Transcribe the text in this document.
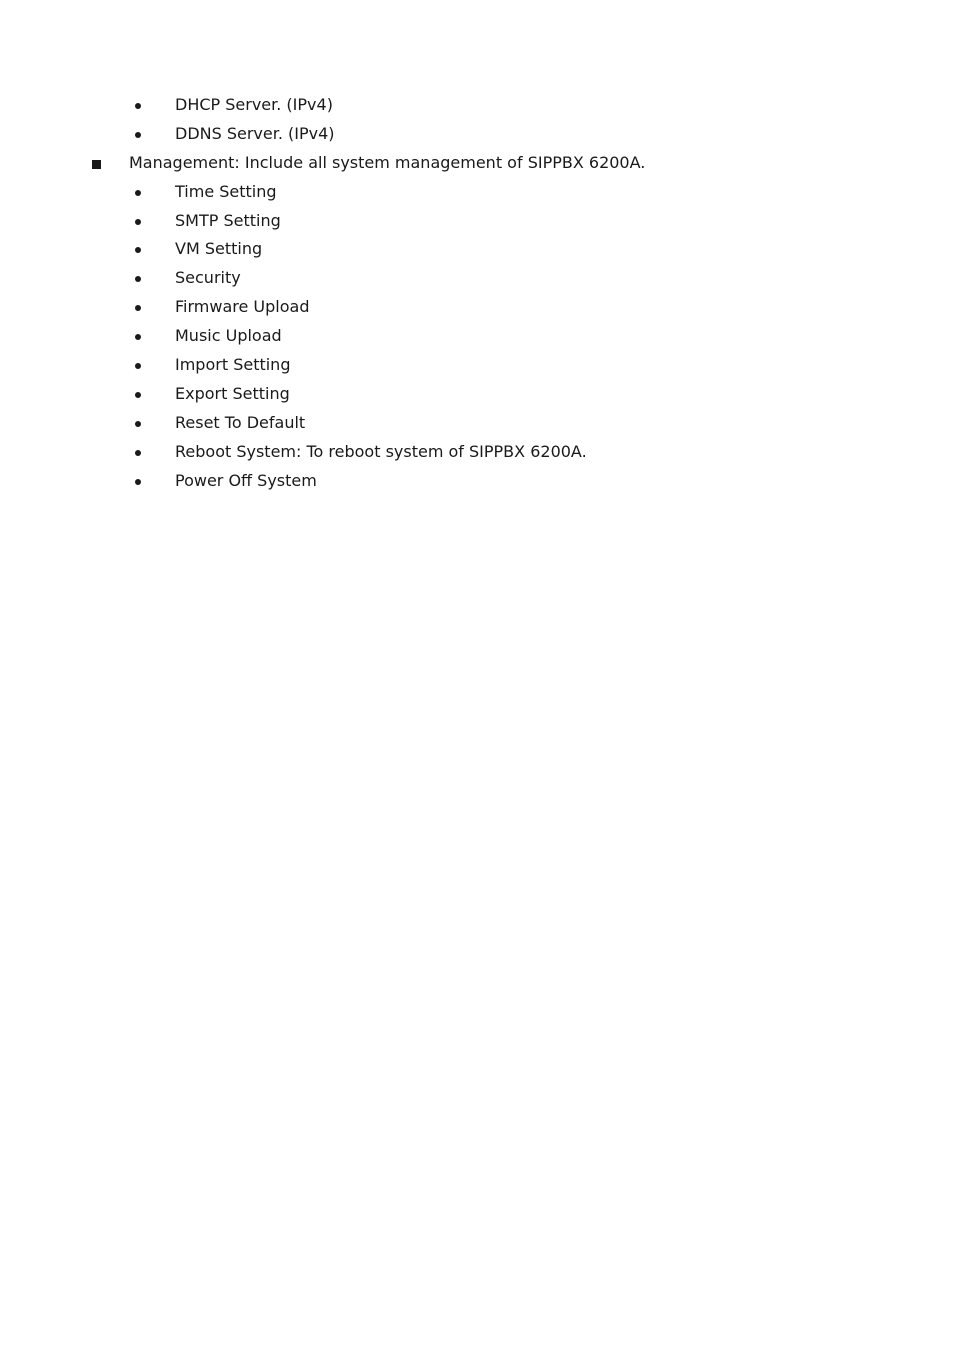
DHCP Server. (IPv4)
DDNS Server. (IPv4)
Management: Include all system management of SIPPBX 6200A.
Time Setting
SMTP Setting
VM Setting
Security
Firmware Upload
Music Upload
Import Setting
Export Setting
Reset To Default
Reboot System: To reboot system of SIPPBX 6200A.
Power Off System
